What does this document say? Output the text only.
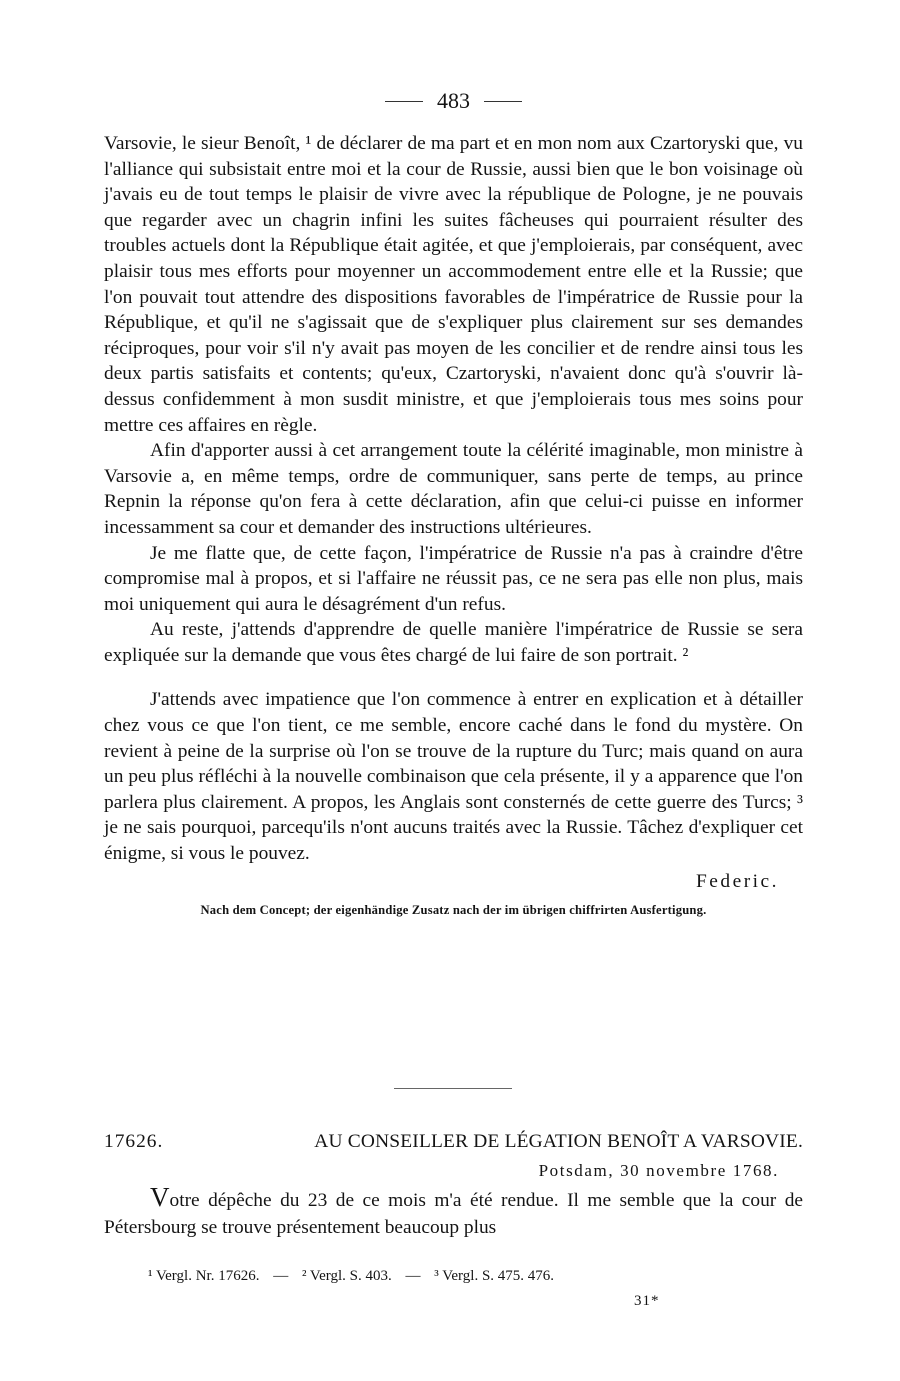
483

Varsovie, le sieur Benoît, ¹ de déclarer de ma part et en mon nom aux Czartoryski que, vu l'alliance qui subsistait entre moi et la cour de Russie, aussi bien que le bon voisinage où j'avais eu de tout temps le plaisir de vivre avec la république de Pologne, je ne pouvais que regarder avec un chagrin infini les suites fâcheuses qui pourraient résulter des troubles actuels dont la République était agitée, et que j'emploierais, par conséquent, avec plaisir tous mes efforts pour moyenner un accommodement entre elle et la Russie; que l'on pouvait tout attendre des dispositions favorables de l'impératrice de Russie pour la République, et qu'il ne s'agissait que de s'expliquer plus clairement sur ses demandes réciproques, pour voir s'il n'y avait pas moyen de les concilier et de rendre ainsi tous les deux partis satisfaits et contents; qu'eux, Czartoryski, n'avaient donc qu'à s'ouvrir là-dessus confidemment à mon susdit ministre, et que j'emploierais tous mes soins pour mettre ces affaires en règle.

Afin d'apporter aussi à cet arrangement toute la célérité imaginable, mon ministre à Varsovie a, en même temps, ordre de communiquer, sans perte de temps, au prince Repnin la réponse qu'on fera à cette déclaration, afin que celui-ci puisse en informer incessamment sa cour et demander des instructions ultérieures.

Je me flatte que, de cette façon, l'impératrice de Russie n'a pas à craindre d'être compromise mal à propos, et si l'affaire ne réussit pas, ce ne sera pas elle non plus, mais moi uniquement qui aura le désagrément d'un refus.

Au reste, j'attends d'apprendre de quelle manière l'impératrice de Russie se sera expliquée sur la demande que vous êtes chargé de lui faire de son portrait. ²

J'attends avec impatience que l'on commence à entrer en explication et à détailler chez vous ce que l'on tient, ce me semble, encore caché dans le fond du mystère. On revient à peine de la surprise où l'on se trouve de la rupture du Turc; mais quand on aura un peu plus réfléchi à la nouvelle combinaison que cela présente, il y a apparence que l'on parlera plus clairement. A propos, les Anglais sont consternés de cette guerre des Turcs; ³ je ne sais pourquoi, parcequ'ils n'ont aucuns traités avec la Russie. Tâchez d'expliquer cet énigme, si vous le pouvez.

Federic.
Nach dem Concept; der eigenhändige Zusatz nach der im übrigen chiffrirten Ausfertigung.
17626.	AU CONSEILLER DE LÉGATION BENOÎT A VARSOVIE.
Potsdam, 30 novembre 1768.

Votre dépêche du 23 de ce mois m'a été rendue. Il me semble que la cour de Pétersbourg se trouve présentement beaucoup plus

¹ Vergl. Nr. 17626. — ² Vergl. S. 403. — ³ Vergl. S. 475. 476.
31*
